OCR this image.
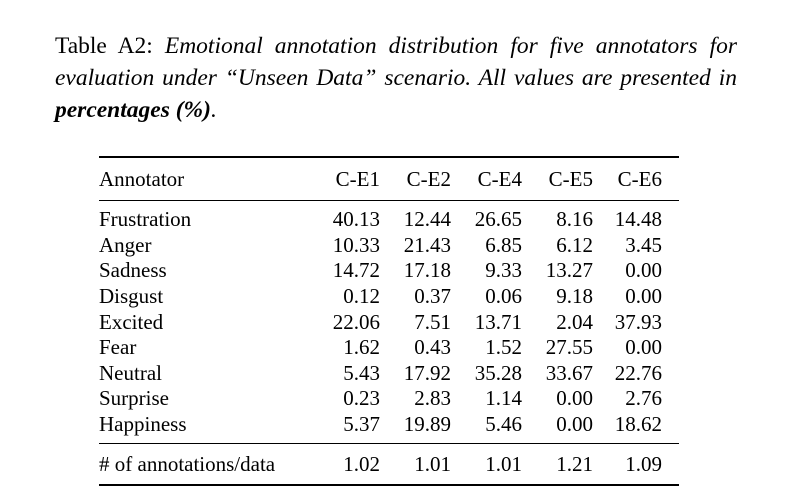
Table A2: Emotional annotation distribution for five annotators for evaluation under “Unseen Data” scenario. All values are presented in percentages (%).
Annotator	C-E1	C-E2	C-E4	C-E5	C-E6
Frustration	40.13	12.44	26.65	8.16	14.48
Anger	10.33	21.43	6.85	6.12	3.45
Sadness	14.72	17.18	9.33	13.27	0.00
Disgust	0.12	0.37	0.06	9.18	0.00
Excited	22.06	7.51	13.71	2.04	37.93
Fear	1.62	0.43	1.52	27.55	0.00
Neutral	5.43	17.92	35.28	33.67	22.76
Surprise	0.23	2.83	1.14	0.00	2.76
Happiness	5.37	19.89	5.46	0.00	18.62
# of annotations/data	1.02	1.01	1.01	1.21	1.09
